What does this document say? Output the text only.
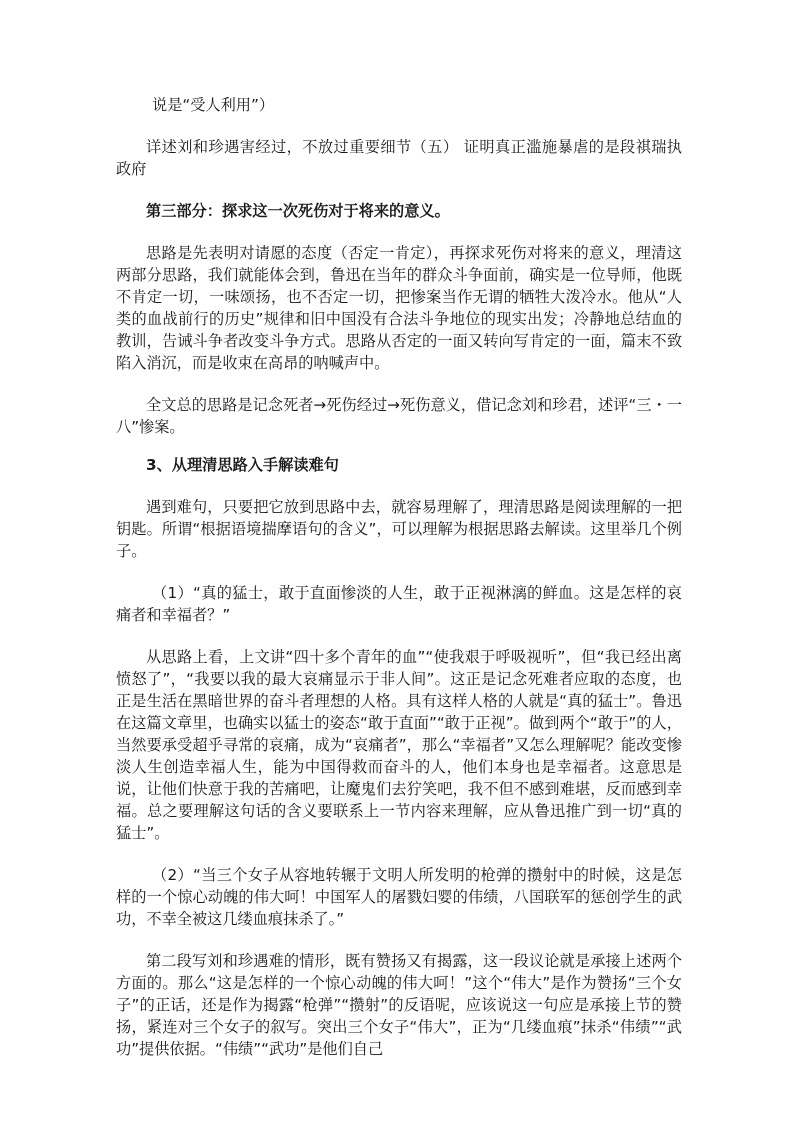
说是“受人利用”）

详述刘和珍遇害经过，不放过重要细节（五） 证明真正滥施暴虐的是段祺瑞执政府

第三部分：探求这一次死伤对于将来的意义。

思路是先表明对请愿的态度（否定一肯定），再探求死伤对将来的意义，理清这两部分思路，我们就能体会到，鲁迅在当年的群众斗争面前，确实是一位导师，他既不肯定一切，一味颂扬，也不否定一切，把惨案当作无谓的牺牲大泼冷水。他从“人类的血战前行的历史”规律和旧中国没有合法斗争地位的现实出发；冷静地总结血的教训，告诫斗争者改变斗争方式。思路从否定的一面又转向写肯定的一面，篇末不致陷入消沉，而是收束在高昂的呐喊声中。

全文总的思路是记念死者→死伤经过→死伤意义，借记念刘和珍君，述评“三・一八”惨案。

3、从理清思路入手解读难句

遇到难句，只要把它放到思路中去，就容易理解了，理清思路是阅读理解的一把钥匙。所谓“根据语境揣摩语句的含义”，可以理解为根据思路去解读。这里举几个例子。

（1）“真的猛士，敢于直面惨淡的人生，敢于正视淋漓的鲜血。这是怎样的哀痛者和幸福者？”

从思路上看，上文讲“四十多个青年的血”“使我艰于呼吸视听”，但“我已经出离愤怒了”，“我要以我的最大哀痛显示于非人间”。这正是记念死难者应取的态度，也正是生活在黑暗世界的奋斗者理想的人格。具有这样人格的人就是“真的猛士”。鲁迅在这篇文章里，也确实以猛士的姿态“敢于直面”“敢于正视”。做到两个“敢于”的人，当然要承受超乎寻常的哀痛，成为“哀痛者”，那么“幸福者”又怎么理解呢？能改变惨淡人生创造幸福人生，能为中国得救而奋斗的人，他们本身也是幸福者。这意思是说，让他们快意于我的苦痛吧，让魔鬼们去狞笑吧，我不但不感到难堪，反而感到幸福。总之要理解这句话的含义要联系上一节内容来理解，应从鲁迅推广到一切“真的猛士”。

（2）“当三个女子从容地转辗于文明人所发明的枪弹的攒射中的时候，这是怎样的一个惊心动魄的伟大呵！中国军人的屠戮妇婴的伟绩，八国联军的惩创学生的武功，不幸全被这几缕血痕抹杀了。”

第二段写刘和珍遇难的情形，既有赞扬又有揭露，这一段议论就是承接上述两个方面的。那么“这是怎样的一个惊心动魄的伟大呵！”这个“伟大”是作为赞扬“三个女子”的正话，还是作为揭露“枪弹”“攒射”的反语呢，应该说这一句应是承接上节的赞扬，紧连对三个女子的叙写。突出三个女子“伟大”，正为“几缕血痕”抹杀“伟绩”“武功”提供依据。“伟绩”“武功”是他们自己
